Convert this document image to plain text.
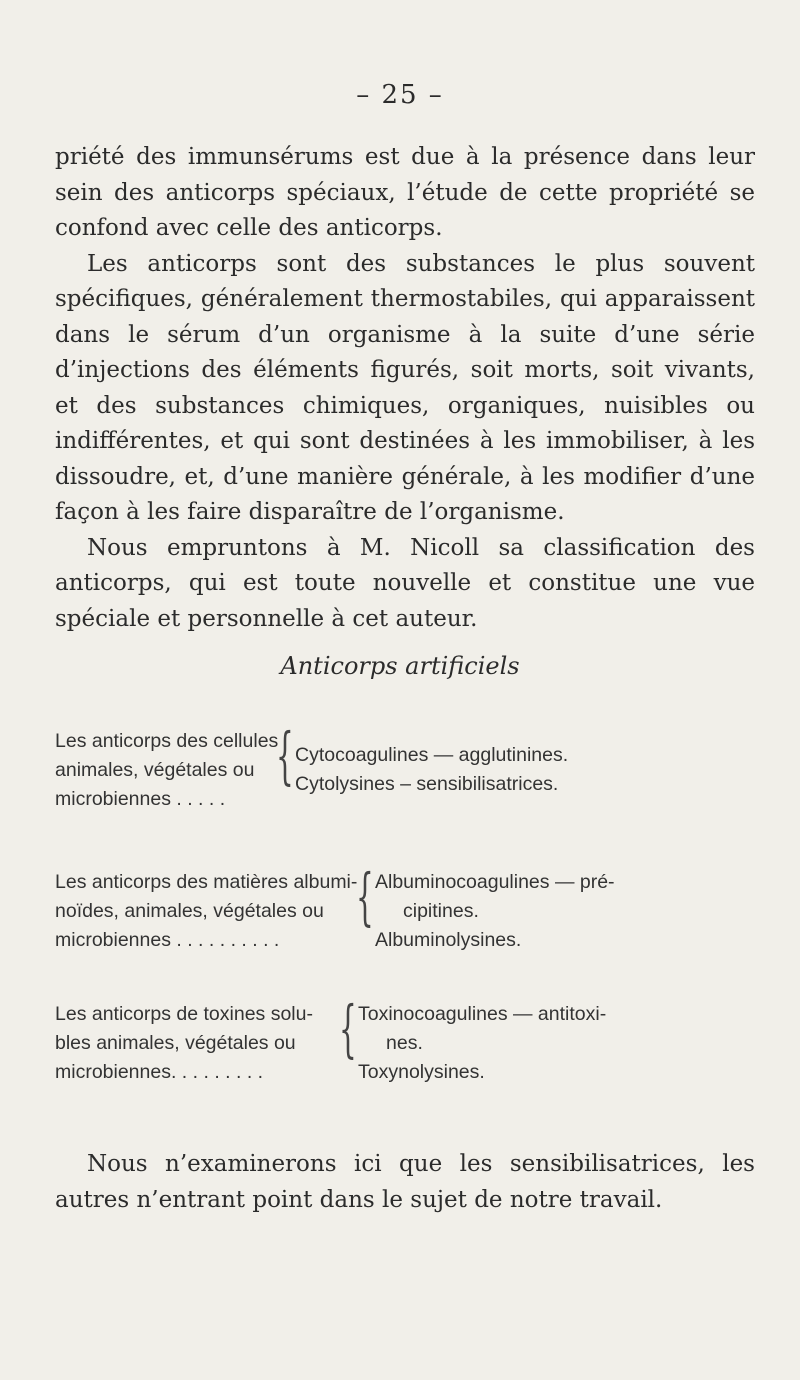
– 25 –
priété des immunsérums est due à la présence dans leur sein des anticorps spéciaux, l’étude de cette propriété se confond avec celle des anticorps.
Les anticorps sont des substances le plus souvent spécifiques, généralement thermostabiles, qui apparaissent dans le sérum d’un organisme à la suite d’une série d’injections des éléments figurés, soit morts, soit vivants, et des substances chimiques, organiques, nuisibles ou indifférentes, et qui sont destinées à les immobiliser, à les dissoudre, et, d’une manière générale, à les modifier d’une façon à les faire disparaître de l’organisme.
Nous empruntons à M. Nicoll sa classification des anticorps, qui est toute nouvelle et constitue une vue spéciale et personnelle à cet auteur.
Anticorps artificiels
Les anticorps des cellules
animales, végétales ou
microbiennes . . . . .
{ Cytocoagulines — agglutinines.
Cytolysines – sensibilisatrices.
Les anticorps des matières albumi-
noïdes, animales, végétales ou
microbiennes . . . . . . . . . .
{ Albuminocoagulines — pré-
cipitines.
Albuminolysines.
Les anticorps de toxines solu-
bles animales, végétales ou
microbiennes. . . . . . . . .
{ Toxinocoagulines — antitoxi-
nes.
Toxynolysines.
Nous n’examinerons ici que les sensibilisatrices, les autres n’entrant point dans le sujet de notre travail.
